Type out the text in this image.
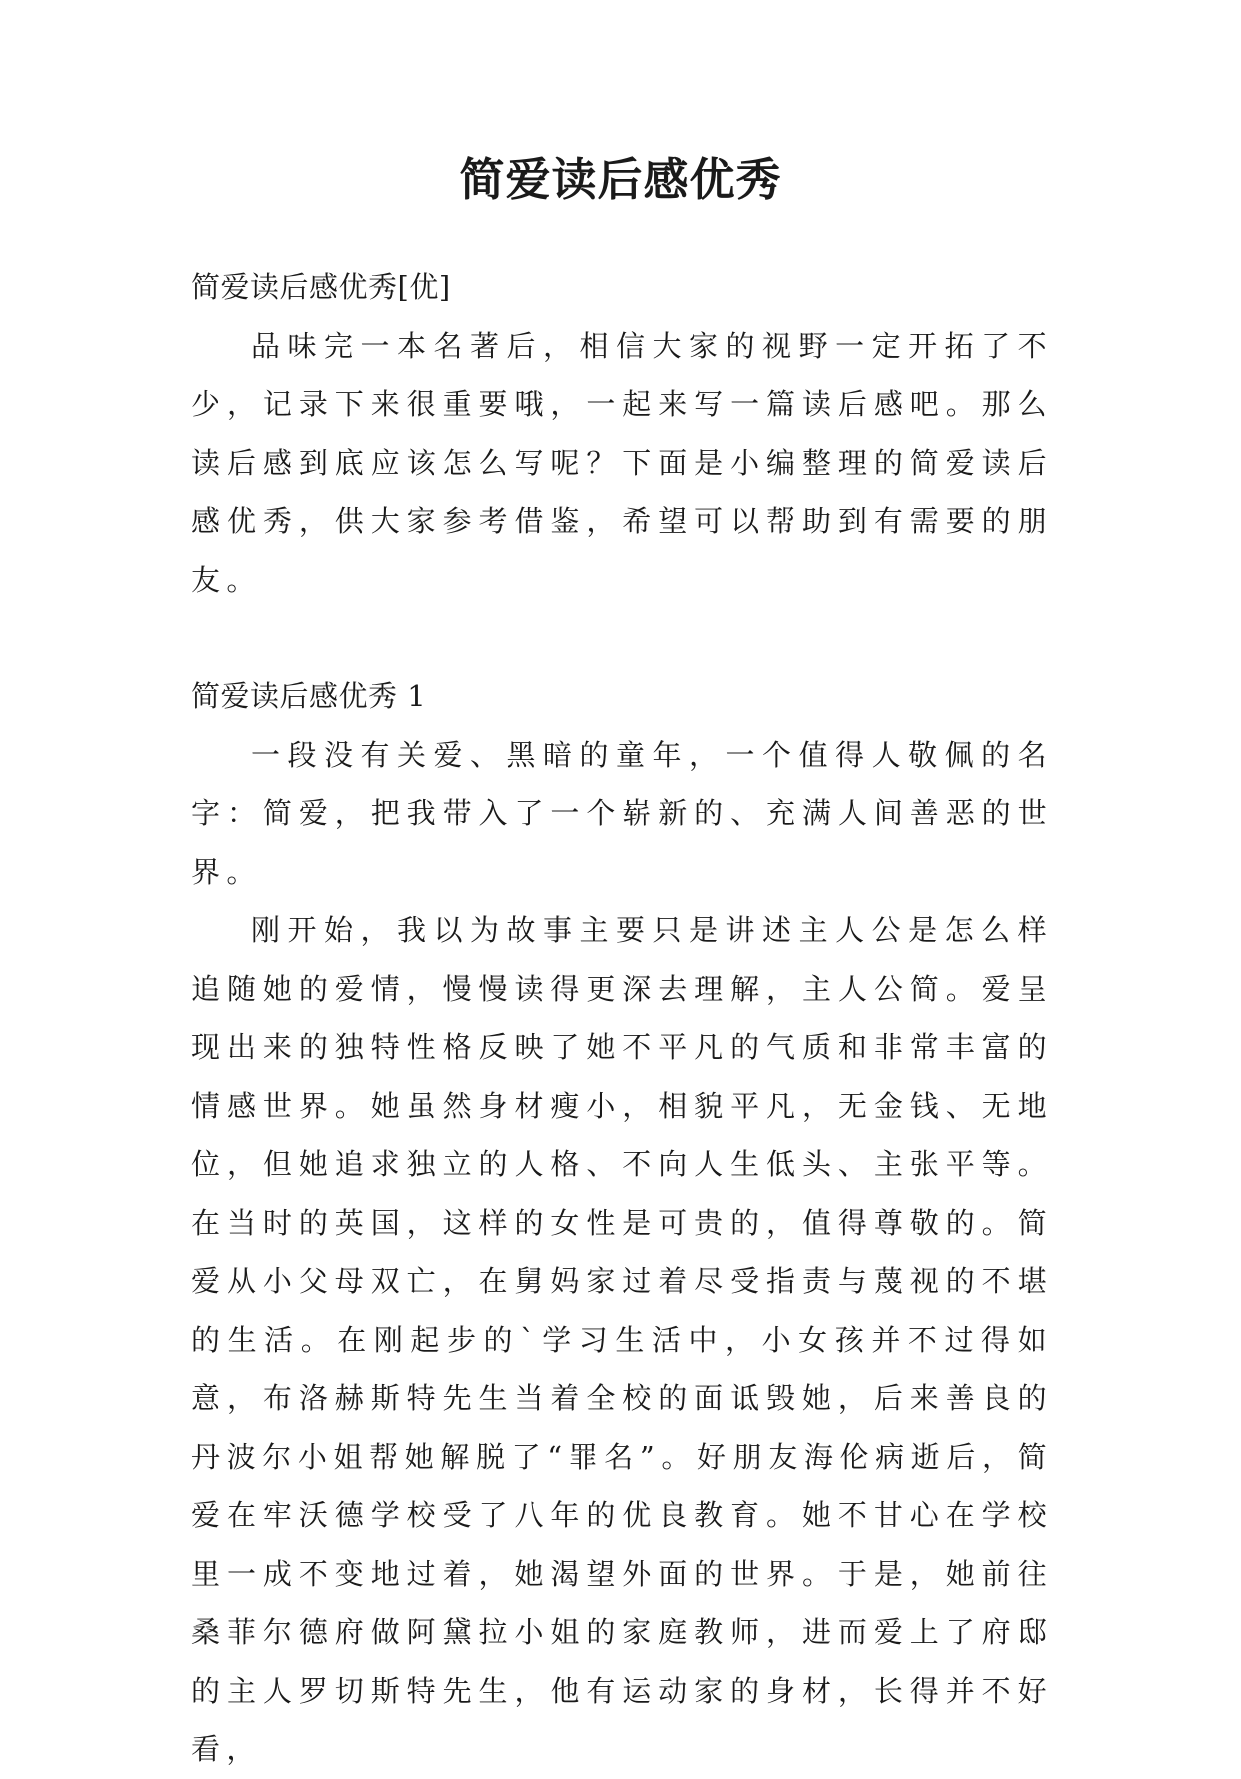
简爱读后感优秀

简爱读后感优秀[优]

品味完一本名著后，相信大家的视野一定开拓了不少，记录下来很重要哦，一起来写一篇读后感吧。那么读后感到底应该怎么写呢？下面是小编整理的简爱读后感优秀，供大家参考借鉴，希望可以帮助到有需要的朋友。

简爱读后感优秀 1

一段没有关爱、黑暗的童年，一个值得人敬佩的名字：简爱，把我带入了一个崭新的、充满人间善恶的世界。

刚开始，我以为故事主要只是讲述主人公是怎么样追随她的爱情，慢慢读得更深去理解，主人公简。爱呈现出来的独特性格反映了她不平凡的气质和非常丰富的情感世界。她虽然身材瘦小，相貌平凡，无金钱、无地位，但她追求独立的人格、不向人生低头、主张平等。在当时的英国，这样的女性是可贵的，值得尊敬的。简爱从小父母双亡，在舅妈家过着尽受指责与蔑视的不堪的生活。在刚起步的`学习生活中，小女孩并不过得如意，布洛赫斯特先生当着全校的面诋毁她，后来善良的丹波尔小姐帮她解脱了“罪名”。好朋友海伦病逝后，简爱在牢沃德学校受了八年的优良教育。她不甘心在学校里一成不变地过着，她渴望外面的世界。于是，她前往桑菲尔德府做阿黛拉小姐的家庭教师，进而爱上了府邸的主人罗切斯特先生，他有运动家的身材，长得并不好看，
